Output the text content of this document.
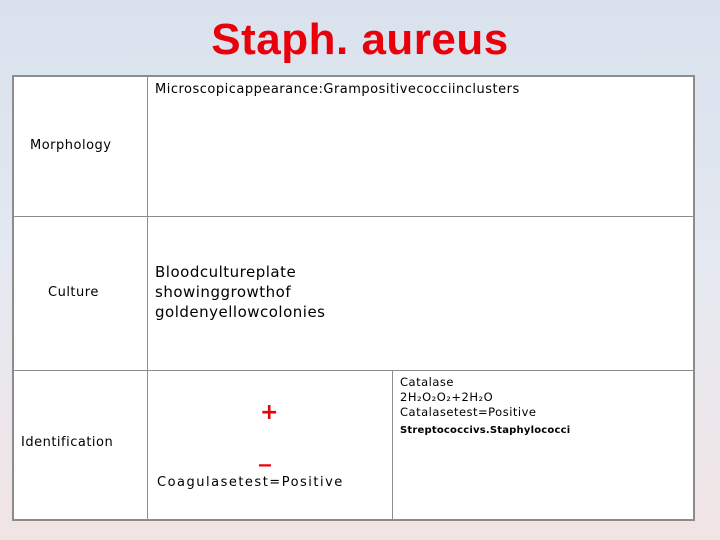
Staph. aureus
Microscopicappearance:Grampositivecocciinclusters
Morphology
Culture
Bloodcultureplate
showinggrowthof
goldenyellowcolonies
Identification
+
_
Coagulasetest=Positive
Catalase
2H₂O₂O₂+2H₂O
Catalasetest=Positive
Streptococcivs.Staphylococci
